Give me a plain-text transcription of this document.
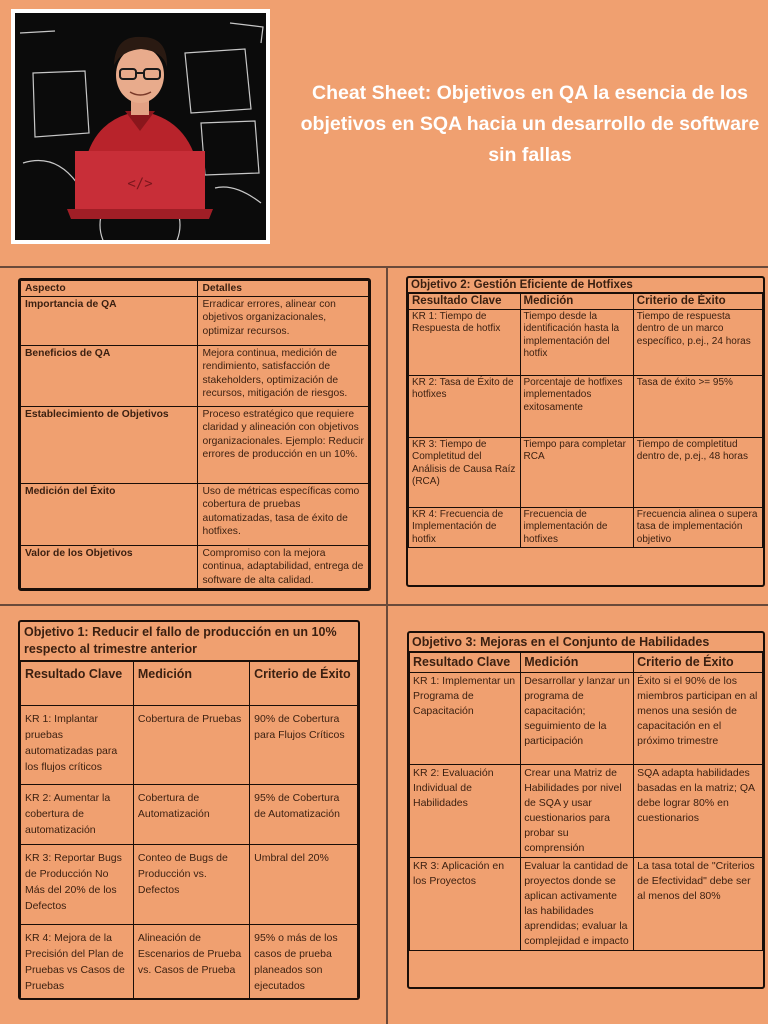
</>
Cheat Sheet: Objetivos en QA la esencia de los objetivos en SQA hacia un desarrollo de software sin fallas
Aspecto	Detalles
Importancia de QA	Erradicar errores, alinear con objetivos organizacionales, optimizar recursos.
Beneficios de QA	Mejora continua, medición de rendimiento, satisfacción de stakeholders, optimización de recursos, mitigación de riesgos.
Establecimiento de Objetivos	Proceso estratégico que requiere claridad y alineación con objetivos organizacionales. Ejemplo: Reducir errores de producción en un 10%.
Medición del Éxito	Uso de métricas específicas como cobertura de pruebas automatizadas, tasa de éxito de hotfixes.
Valor de los Objetivos	Compromiso con la mejora continua, adaptabilidad, entrega de software de alta calidad.
Objetivo 2: Gestión Eficiente de Hotfixes
Resultado Clave	Medición	Criterio de Éxito
KR 1: Tiempo de Respuesta de hotfix	Tiempo desde la identificación hasta la implementación del hotfix	Tiempo de respuesta dentro de un marco específico, p.ej., 24 horas
KR 2: Tasa de Éxito de hotfixes	Porcentaje de hotfixes implementados exitosamente	Tasa de éxito >= 95%
KR 3: Tiempo de Completitud del Análisis de Causa Raíz (RCA)	Tiempo para completar RCA	Tiempo de completitud dentro de, p.ej., 48 horas
KR 4: Frecuencia de Implementación de hotfix	Frecuencia de implementación de hotfixes	Frecuencia alinea o supera tasa de implementación objetivo
Objetivo 1: Reducir el fallo de producción en un 10% respecto al trimestre anterior
Resultado Clave	Medición	Criterio de Éxito
KR 1: Implantar pruebas automatizadas para los flujos críticos	Cobertura de Pruebas	90% de Cobertura para Flujos Críticos
KR 2: Aumentar la cobertura de automatización	Cobertura de Automatización	95% de Cobertura de Automatización
KR 3: Reportar Bugs de Producción No Más del 20% de los Defectos	Conteo de Bugs de Producción vs. Defectos	Umbral del 20%
KR 4: Mejora de la Precisión del Plan de Pruebas vs Casos de Pruebas	Alineación de Escenarios de Prueba vs. Casos de Prueba	95% o más de los casos de prueba planeados son ejecutados
Objetivo 3: Mejoras en el Conjunto de Habilidades
Resultado Clave	Medición	Criterio de Éxito
KR 1: Implementar un Programa de Capacitación	Desarrollar y lanzar un programa de capacitación; seguimiento de la participación	Éxito si el 90% de los miembros participan en al menos una sesión de capacitación en el próximo trimestre
KR 2: Evaluación Individual de Habilidades	Crear una Matriz de Habilidades por nivel de SQA y usar cuestionarios para probar su comprensión	SQA adapta habilidades basadas en la matriz; QA debe lograr 80% en cuestionarios
KR 3: Aplicación en los Proyectos	Evaluar la cantidad de proyectos donde se aplican activamente las habilidades aprendidas; evaluar la complejidad e impacto	La tasa total de "Criterios de Efectividad" debe ser al menos del 80%
